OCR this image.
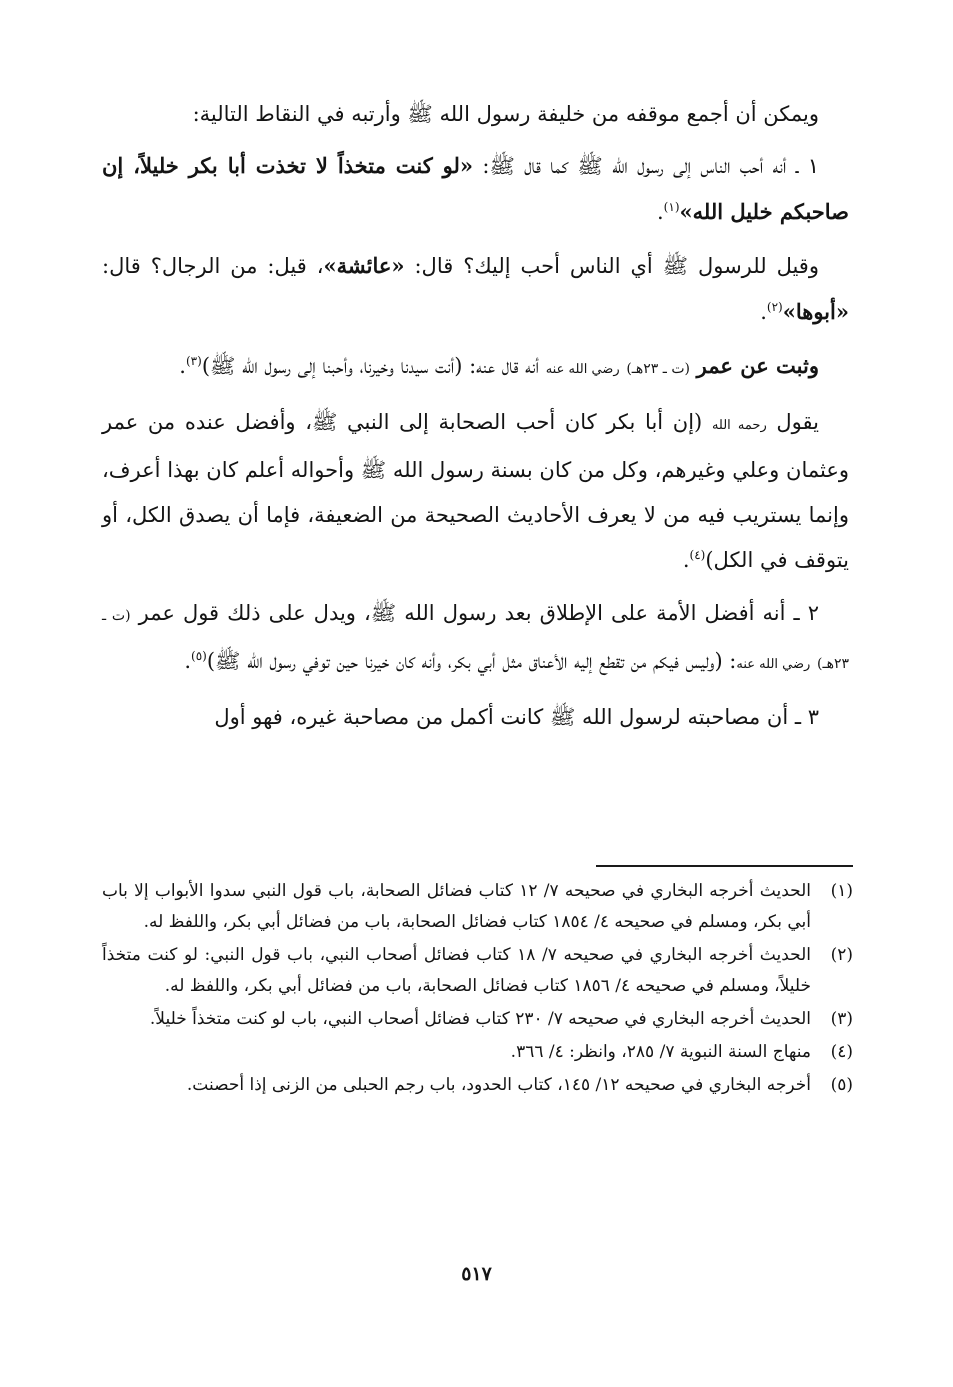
ويمكن أن أجمع موقفه من خليفة رسول الله ﷺ وأرتبه في النقاط التالية:

١ ـ أنه أحب الناس إلى رسول الله ﷺ كما قال ﷺ: «لو كنت متخذاً لا تخذت أبا بكر خليلاً، إن صاحبكم خليل الله»$^{(١)}$.

وقيل للرسول ﷺ أي الناس أحب إليك؟ قال: «عائشة»، قيل: من الرجال؟ قال: «أبوها»$^{(٢)}$.

وثبت عن عمر (ت ـ ٢٣هـ) رضي الله عنه أنه قال عنه: (أنت سيدنا وخيرنا، وأحبنا إلى رسول الله ﷺ)$^{(٣)}$.

يقول رحمه الله (إن أبا بكر كان أحب الصحابة إلى النبي ﷺ، وأفضل عنده من عمر وعثمان وعلي وغيرهم، وكل من كان بسنة رسول الله ﷺ وأحواله أعلم كان بهذا أعرف، وإنما يستريب فيه من لا يعرف الأحاديث الصحيحة من الضعيفة، فإما أن يصدق الكل، أو يتوقف في الكل)$^{(٤)}$.

٢ ـ أنه أفضل الأمة على الإطلاق بعد رسول الله ﷺ، ويدل على ذلك قول عمر (ت ـ ٢٣هـ) رضي الله عنه: (وليس فيكم من تقطع إليه الأعناق مثل أبي بكر، وأنه كان خيرنا حين توفي رسول الله ﷺ)$^{(٥)}$.

٣ ـ أن مصاحبته لرسول الله ﷺ كانت أكمل من مصاحبة غيره، فهو أول

(١)
الحديث أخرجه البخاري في صحيحه ٧/ ١٢ كتاب فضائل الصحابة، باب قول النبي سدوا الأبواب إلا باب أبي بكر، ومسلم في صحيحه ٤/ ١٨٥٤ كتاب فضائل الصحابة، باب من فضائل أبي بكر، واللفظ له.
(٢)
الحديث أخرجه البخاري في صحيحه ٧/ ١٨ كتاب فضائل أصحاب النبي، باب قول النبي: لو كنت متخذاً خليلاً، ومسلم في صحيحه ٤/ ١٨٥٦ كتاب فضائل الصحابة، باب من فضائل أبي بكر، واللفظ له.
(٣)
الحديث أخرجه البخاري في صحيحه ٧/ ٢٣٠ كتاب فضائل أصحاب النبي، باب لو كنت متخذاً خليلاً.
(٤)
منهاج السنة النبوية ٧/ ٢٨٥، وانظر: ٤/ ٣٦٦.
(٥)
أخرجه البخاري في صحيحه ١٢/ ١٤٥، كتاب الحدود، باب رجم الحبلى من الزنى إذا أحصنت.
٥١٧
